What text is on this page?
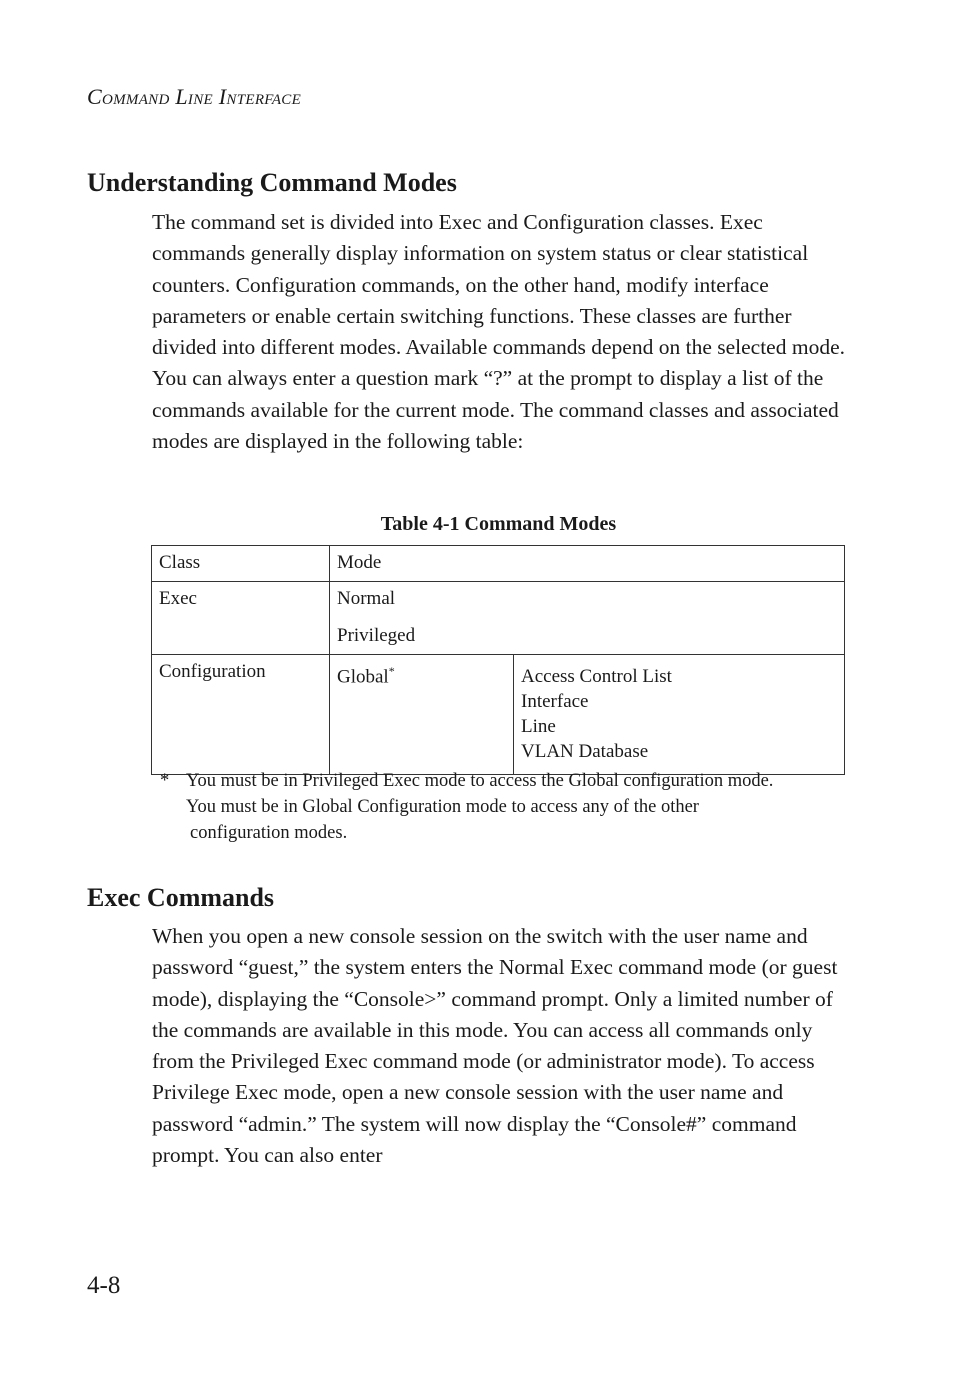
Command Line Interface
Understanding Command Modes

The command set is divided into Exec and Configuration classes. Exec commands generally display information on system status or clear statistical counters. Configuration commands, on the other hand, modify interface parameters or enable certain switching functions. These classes are further divided into different modes. Available commands depend on the selected mode. You can always enter a question mark “?” at the prompt to display a list of the commands available for the current mode. The command classes and associated modes are displayed in the following table:

Table 4-1 Command Modes
Class	Mode	
Exec	Normal
Privileged	

Configuration	Global*	Access Control List
Interface
Line
VLAN Database
* You must be in Privileged Exec mode to access the Global configuration mode.
You must be in Global Configuration mode to access any of the other
configuration modes.
Exec Commands

When you open a new console session on the switch with the user name and password “guest,” the system enters the Normal Exec command mode (or guest mode), displaying the “Console>” command prompt. Only a limited number of the commands are available in this mode. You can access all commands only from the Privileged Exec command mode (or administrator mode). To access Privilege Exec mode, open a new console session with the user name and password “admin.” The system will now display the “Console#” command prompt. You can also enter

4-8
